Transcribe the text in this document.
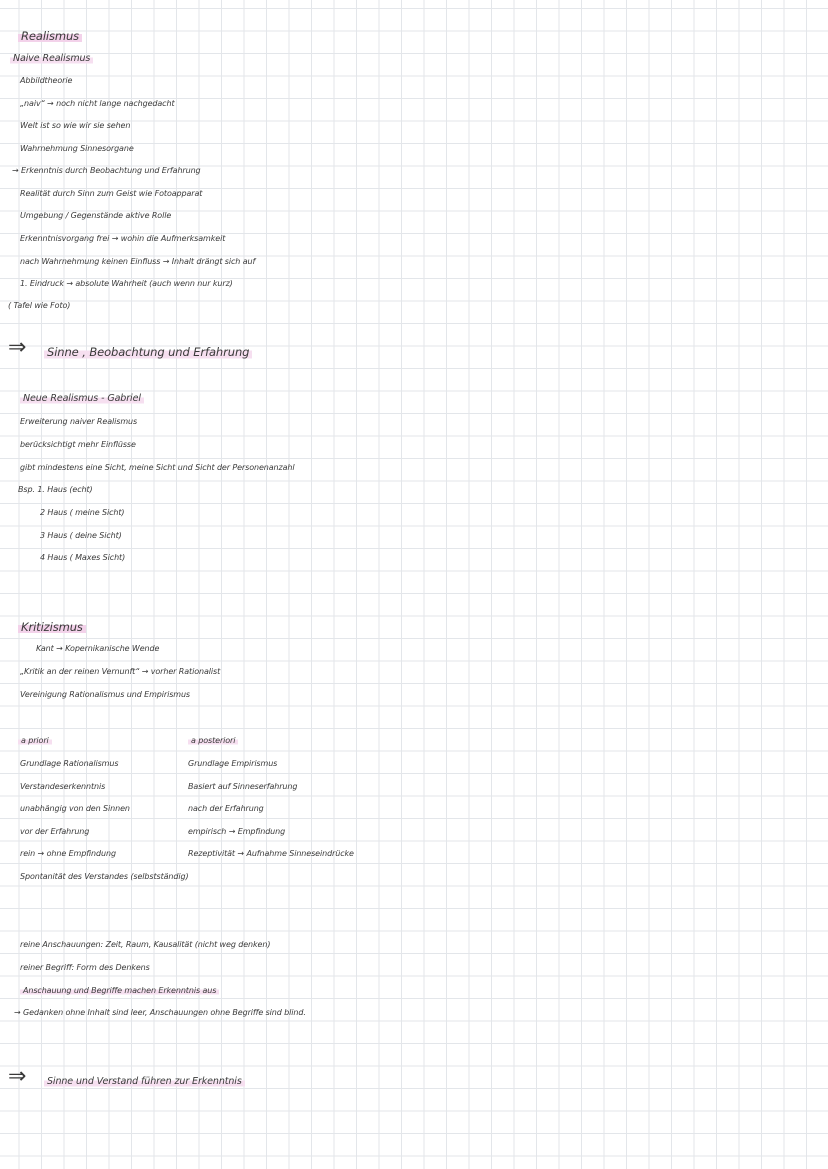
Realismus
Naive Realismus
Abbildtheorie
„naiv“ → noch nicht lange nachgedacht
Welt ist so wie wir sie sehen
Wahrnehmung Sinnesorgane
→ Erkenntnis durch Beobachtung und Erfahrung
Realität durch Sinn zum Geist wie Fotoapparat
Umgebung / Gegenstände aktive Rolle
Erkenntnisvorgang frei → wohin die Aufmerksamkeit
nach Wahrnehmung keinen Einfluss → Inhalt drängt sich auf
1. Eindruck → absolute Wahrheit (auch wenn nur kurz)
( Tafel wie Foto)
⇒ Sinne , Beobachtung und Erfahrung
Neue Realismus - Gabriel
Erweiterung naiver Realismus
berücksichtigt mehr Einflüsse
gibt mindestens eine Sicht, meine Sicht und Sicht der Personenanzahl
Bsp. 1. Haus (echt)
2 Haus ( meine Sicht)
3 Haus ( deine Sicht)
4 Haus ( Maxes Sicht)
Kritizismus
Kant → Kopernikanische Wende
„Kritik an der reinen Vernunft“ → vorher Rationalist
Vereinigung Rationalismus und Empirismus
a priori
Grundlage Rationalismus
Verstandeserkenntnis
unabhängig von den Sinnen
vor der Erfahrung
rein → ohne Empfindung
Spontanität des Verstandes (selbstständig)
a posteriori
Grundlage Empirismus
Basiert auf Sinneserfahrung
nach der Erfahrung
empirisch → Empfindung
Rezeptivität → Aufnahme Sinneseindrücke
reine Anschauungen: Zeit, Raum, Kausalität (nicht weg denken)
reiner Begriff: Form des Denkens
Anschauung und Begriffe machen Erkenntnis aus
→ Gedanken ohne Inhalt sind leer, Anschauungen ohne Begriffe sind blind.
⇒	Sinne und Verstand führen zur Erkenntnis
